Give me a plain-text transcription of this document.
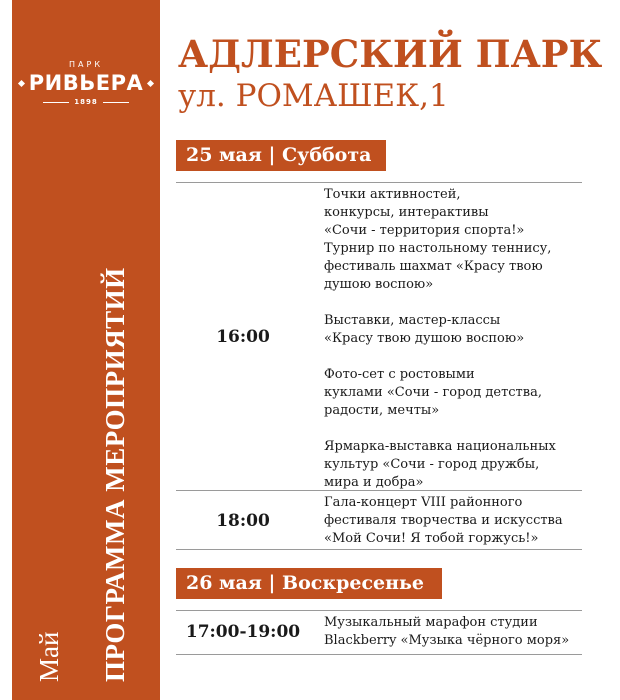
ПАРК
РИВЬЕРА
1898
ПРОГРАММА МЕРОПРИЯТИЙ
Май
АДЛЕРСКИЙ ПАРК
ул. РОМАШЕК,1
25 мая | Суббота
16:00

Точки активностей,

конкурсы, интерактивы

«Сочи - территория спорта!»

Турнир по настольному теннису,

фестиваль шахмат «Красу твою

душою воспою»

Выставки, мастер-классы

«Красу твою душою воспою»

Фото-сет с ростовыми

куклами «Сочи - город детства,

радости, мечты»

Ярмарка-выставка национальных

культур «Сочи - город дружбы,

мира и добра»

18:00

Гала-концерт VIII районного

фестиваля творчества и искусства

«Мой Сочи! Я тобой горжусь!»

26 мая | Воскресенье
17:00-19:00	Музыкальный марафон студии

Blackberry «Музыка чёрного моря»
